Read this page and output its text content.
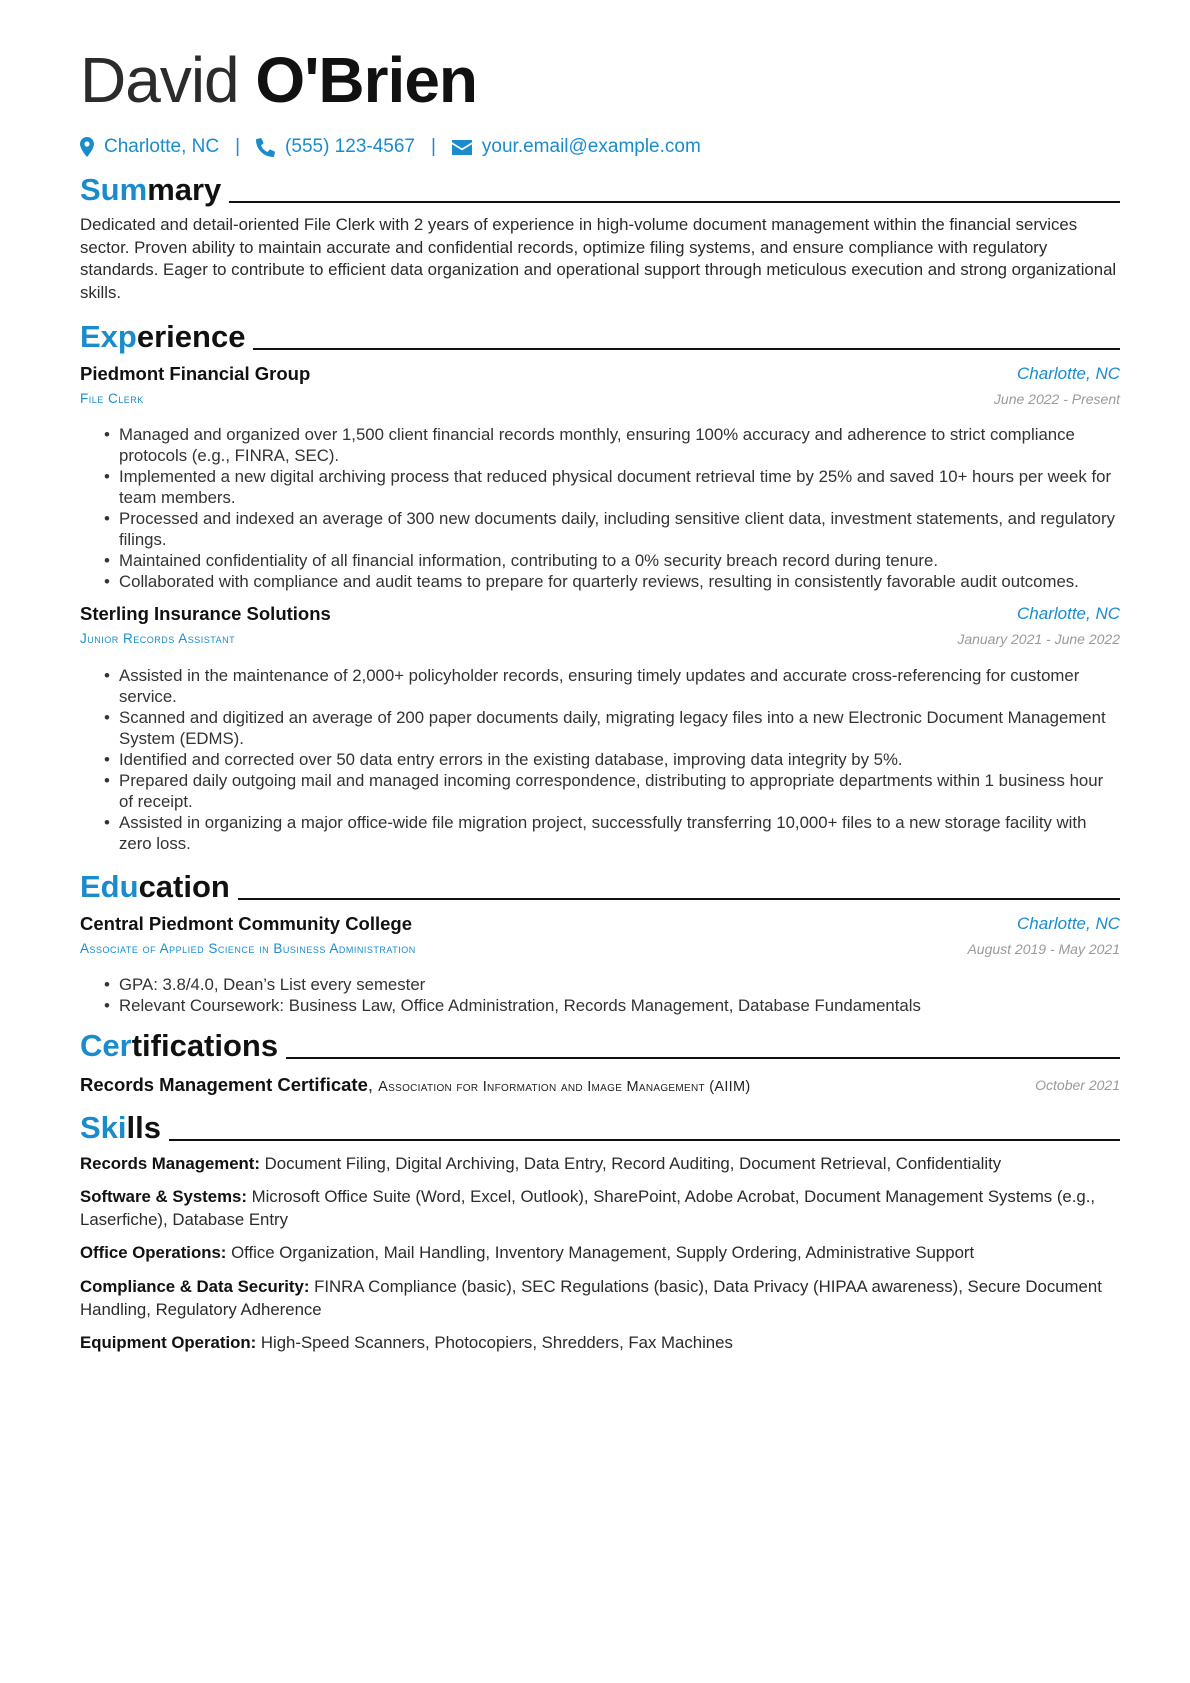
David O'Brien
Charlotte, NC | (555) 123-4567 | your.email@example.com
Summary
Dedicated and detail-oriented File Clerk with 2 years of experience in high-volume document management within the financial services sector. Proven ability to maintain accurate and confidential records, optimize filing systems, and ensure compliance with regulatory standards. Eager to contribute to efficient data organization and operational support through meticulous execution and strong organizational skills.
Experience
Piedmont Financial Group	Charlotte, NC
File Clerk	June 2022 - Present
• Managed and organized over 1,500 client financial records monthly, ensuring 100% accuracy and adherence to strict compliance protocols (e.g., FINRA, SEC).
• Implemented a new digital archiving process that reduced physical document retrieval time by 25% and saved 10+ hours per week for team members.
• Processed and indexed an average of 300 new documents daily, including sensitive client data, investment statements, and regulatory filings.
• Maintained confidentiality of all financial information, contributing to a 0% security breach record during tenure.
• Collaborated with compliance and audit teams to prepare for quarterly reviews, resulting in consistently favorable audit outcomes.
Sterling Insurance Solutions	Charlotte, NC
Junior Records Assistant	January 2021 - June 2022
• Assisted in the maintenance of 2,000+ policyholder records, ensuring timely updates and accurate cross-referencing for customer service.
• Scanned and digitized an average of 200 paper documents daily, migrating legacy files into a new Electronic Document Management System (EDMS).
• Identified and corrected over 50 data entry errors in the existing database, improving data integrity by 5%.
• Prepared daily outgoing mail and managed incoming correspondence, distributing to appropriate departments within 1 business hour of receipt.
• Assisted in organizing a major office-wide file migration project, successfully transferring 10,000+ files to a new storage facility with zero loss.
Education
Central Piedmont Community College	Charlotte, NC
Associate of Applied Science in Business Administration	August 2019 - May 2021
• GPA: 3.8/4.0, Dean’s List every semester
• Relevant Coursework: Business Law, Office Administration, Records Management, Database Fundamentals
Certifications
Records Management Certificate, Association for Information and Image Management (AIIM)	October 2021
Skills
Records Management: Document Filing, Digital Archiving, Data Entry, Record Auditing, Document Retrieval, Confidentiality
Software & Systems: Microsoft Office Suite (Word, Excel, Outlook), SharePoint, Adobe Acrobat, Document Management Systems (e.g., Laserfiche), Database Entry
Office Operations: Office Organization, Mail Handling, Inventory Management, Supply Ordering, Administrative Support
Compliance & Data Security: FINRA Compliance (basic), SEC Regulations (basic), Data Privacy (HIPAA awareness), Secure Document Handling, Regulatory Adherence
Equipment Operation: High-Speed Scanners, Photocopiers, Shredders, Fax Machines
